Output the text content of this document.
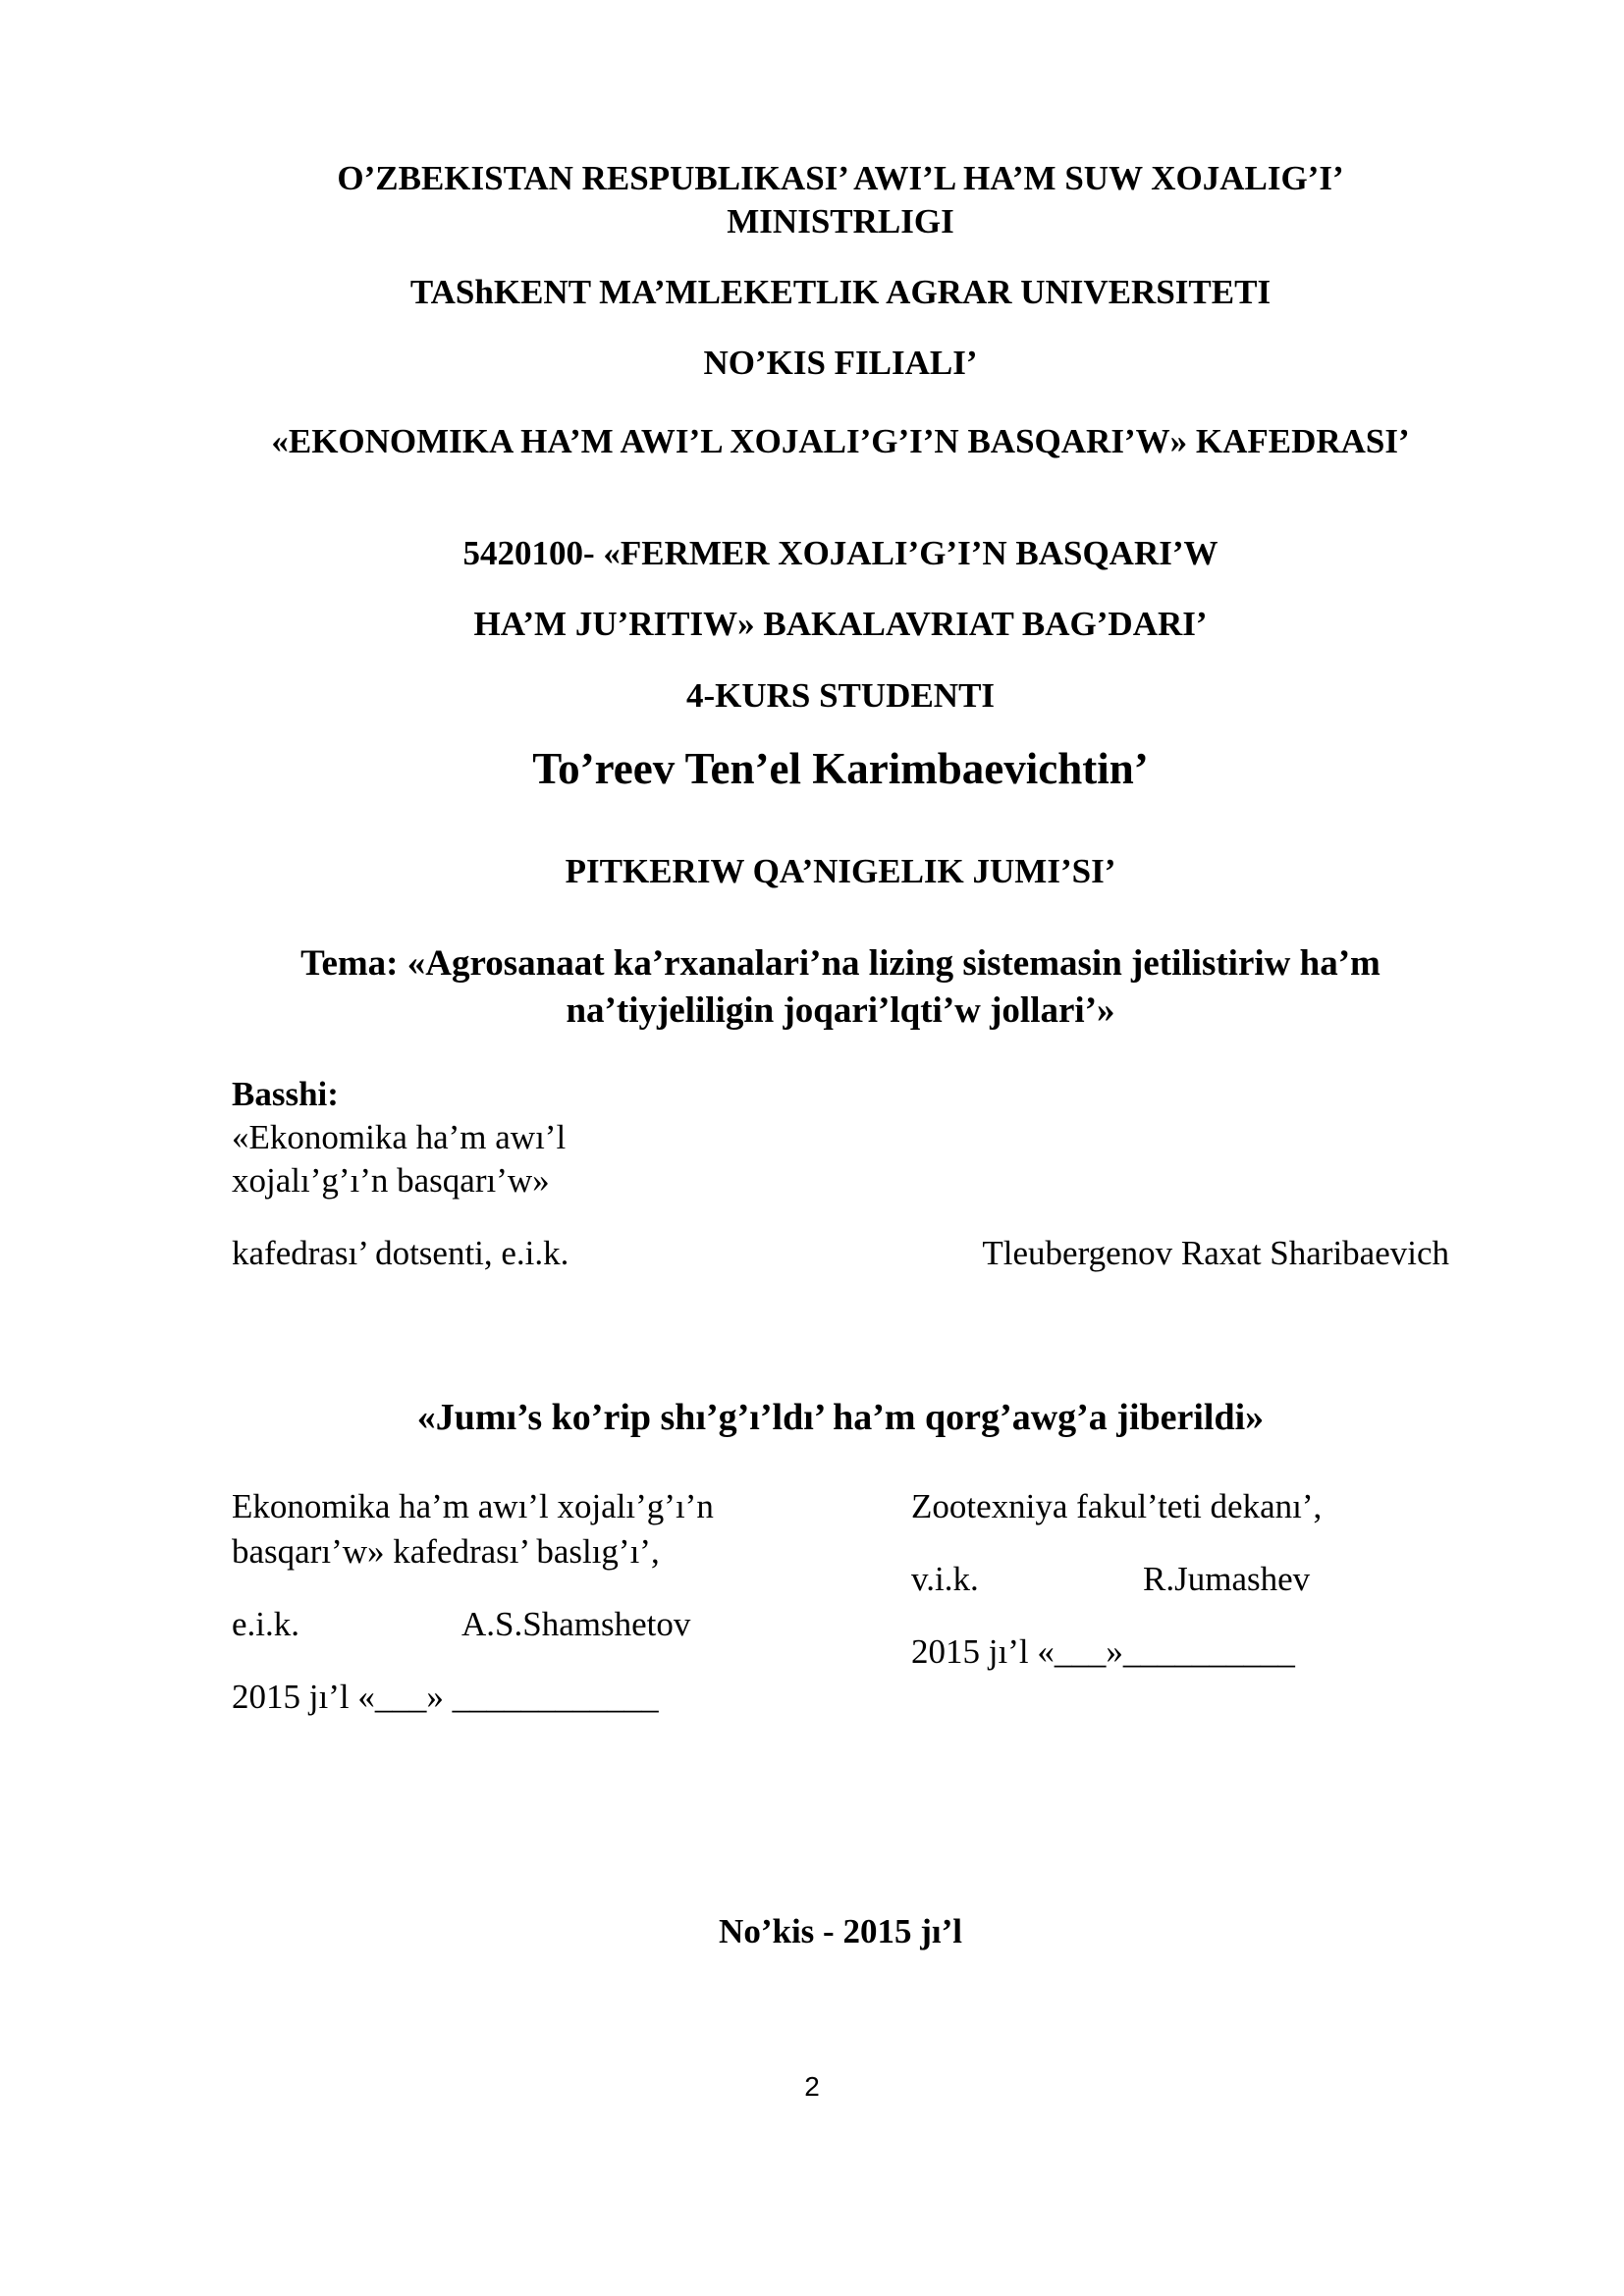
O’ZBEKISTAN RESPUBLIKASI’ AWI’L HA’M SUW XOJALIG’I’ MINISTRLIGI
TAShKENT MA’MLEKETLIK AGRAR UNIVERSITETI
NO’KIS FILIALI’
«EKONOMIKA HA’M AWI’L XOJALI’G’I’N BASQARI’W» KAFEDRASI’
5420100- «FERMER XOJALI’G’I’N BASQARI’W
HA’M JU’RITIW» BAKALAVRIAT BAG’DARI’
4-KURS STUDENTI
To’reev Ten’el Karimbaevichtin’
PITKERIW QA’NIGELIK JUMI’SI’
Tema: «Agrosanaat ka’rxanalari’na lizing sistemasin jetilistiriw ha’m na’tiyjeliligin joqari’lqti’w jollari’»
Basshi:
«Ekonomika ha’m awı’l
xojalı’g’ı’n basqarı’w»
kafedrası’ dotsenti, e.i.k.	Tleubergenov Raxat Sharibaevich
«Jumı’s ko’rip shı’g’ı’ldı’ ha’m qorg’awg’a jiberildi»
Ekonomika ha’m awı’l xojalı’g’ı’n
basqarı’w» kafedrası’ baslıg’ı’,
e.i.k.	A.S.Shamshetov
2015 jı’l «___» ____________
Zootexniya fakul’teti dekanı’,
v.i.k.	R.Jumashev
2015 jı’l «___»__________
No’kis - 2015 jı’l
2
